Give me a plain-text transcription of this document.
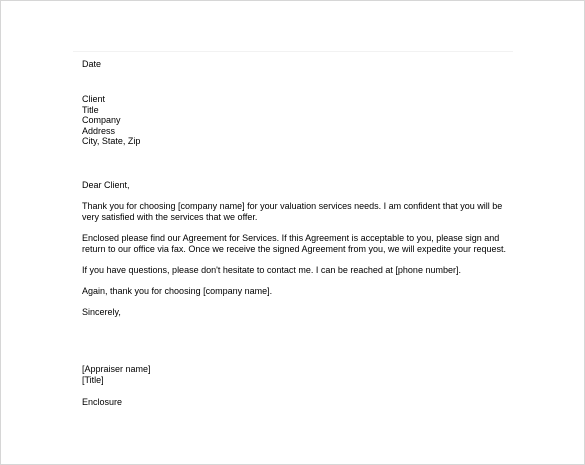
Date
Client
Title
Company
Address
City, State, Zip
Dear Client,
Thank you for choosing [company name] for your valuation services needs. I am confident that you will be
very satisfied with the services that we offer.
Enclosed please find our Agreement for Services. If this Agreement is acceptable to you, please sign and
return to our office via fax. Once we receive the signed Agreement from you, we will expedite your request.
If you have questions, please don't hesitate to contact me. I can be reached at [phone number].
Again, thank you for choosing [company name].
Sincerely,
[Appraiser name]
[Title]
Enclosure
